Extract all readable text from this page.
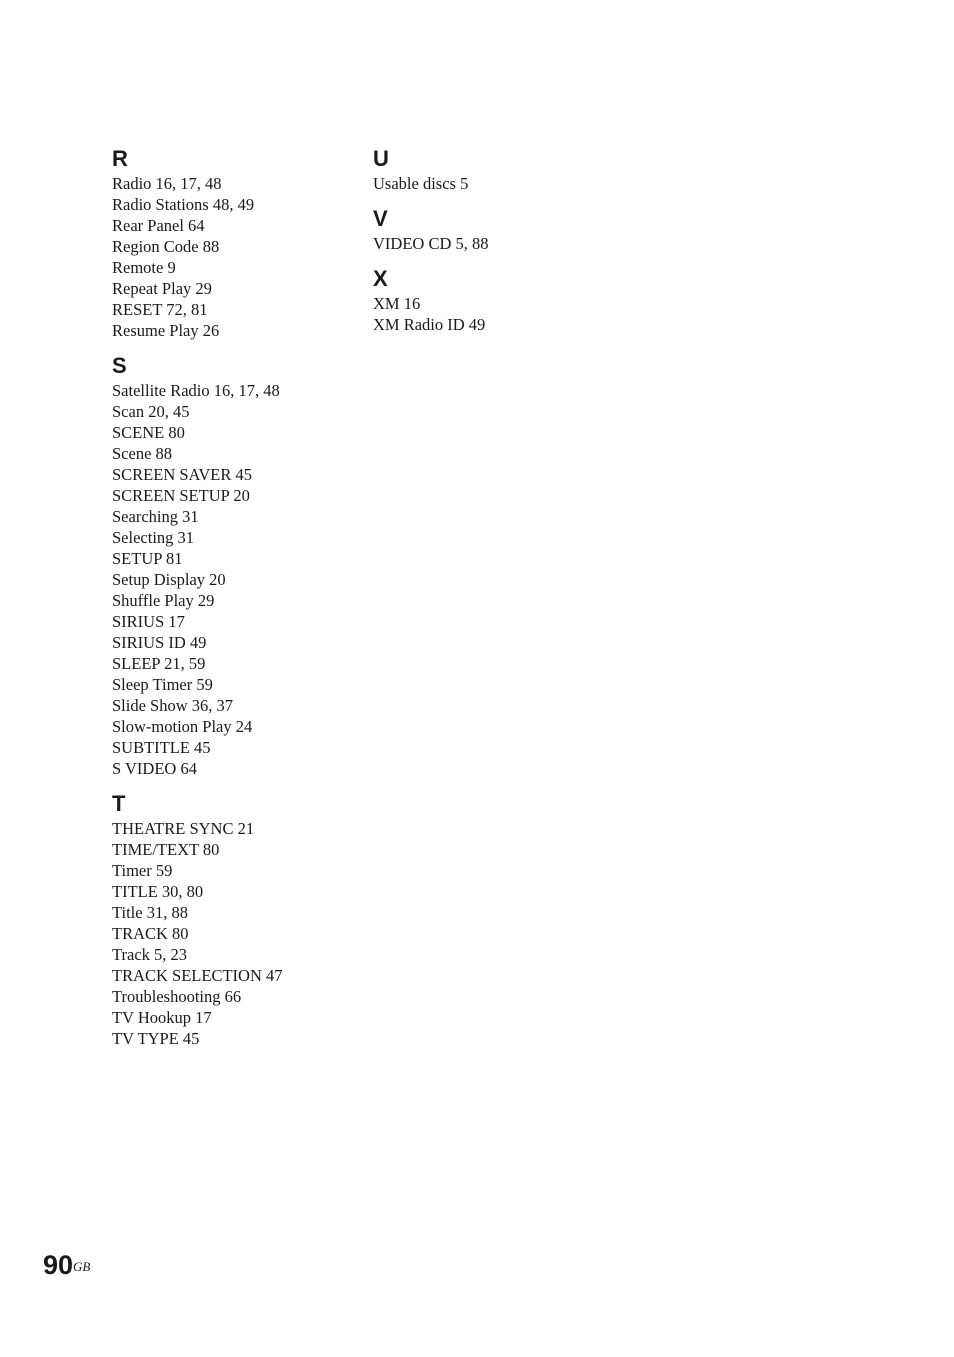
R
Radio 16, 17, 48
Radio Stations 48, 49
Rear Panel 64
Region Code 88
Remote 9
Repeat Play 29
RESET 72, 81
Resume Play 26
S
Satellite Radio 16, 17, 48
Scan 20, 45
SCENE 80
Scene 88
SCREEN SAVER 45
SCREEN SETUP 20
Searching 31
Selecting 31
SETUP 81
Setup Display 20
Shuffle Play 29
SIRIUS 17
SIRIUS ID 49
SLEEP 21, 59
Sleep Timer 59
Slide Show 36, 37
Slow-motion Play 24
SUBTITLE 45
S VIDEO 64
T
THEATRE SYNC 21
TIME/TEXT 80
Timer 59
TITLE 30, 80
Title 31, 88
TRACK 80
Track 5, 23
TRACK SELECTION 47
Troubleshooting 66
TV Hookup 17
TV TYPE 45
U
Usable discs 5
V
VIDEO CD 5, 88
X
XM 16
XM Radio ID 49
$90^{GB}$
